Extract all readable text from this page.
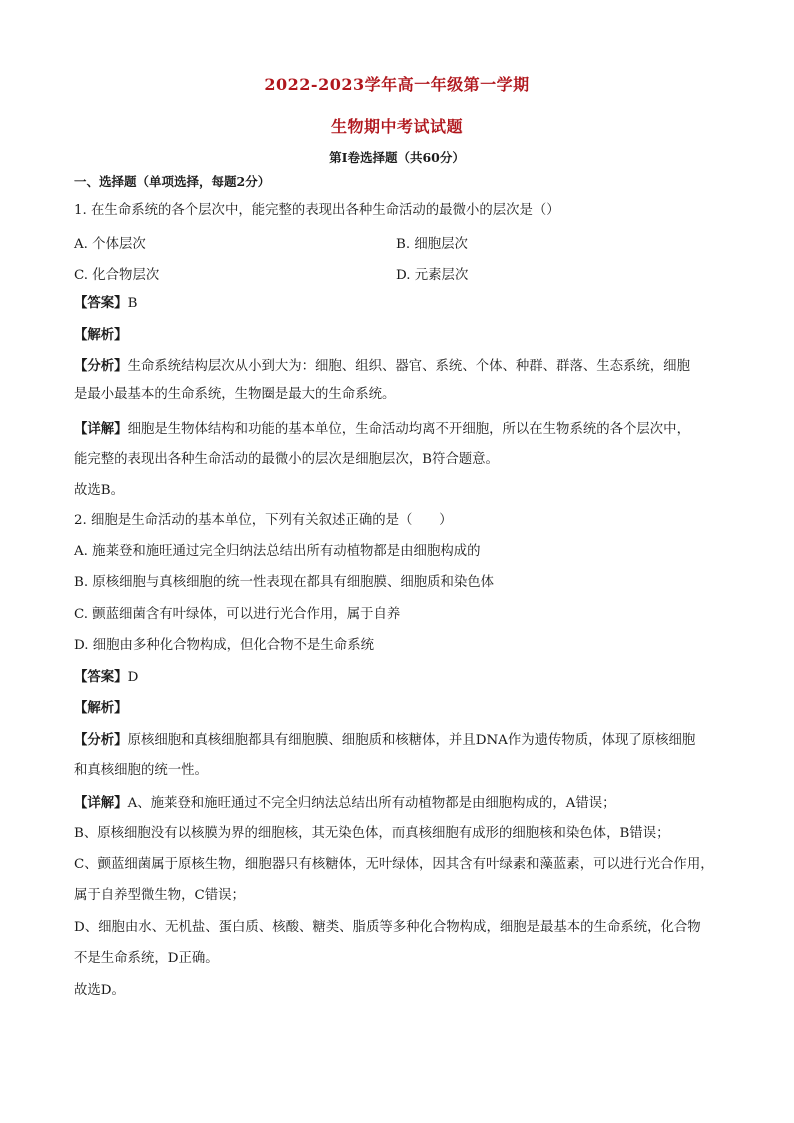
2022-2023学年高一年级第一学期
生物期中考试试题
第Ⅰ卷选择题（共60分）
一、选择题（单项选择，每题2分）
1. 在生命系统的各个层次中，能完整的表现出各种生命活动的最微小的层次是（）
A. 个体层次	B. 细胞层次
C. 化合物层次	D. 元素层次
【答案】B
【解析】
【分析】生命系统结构层次从小到大为：细胞、组织、器官、系统、个体、种群、群落、生态系统，细胞
是最小最基本的生命系统，生物圈是最大的生命系统。
【详解】细胞是生物体结构和功能的基本单位，生命活动均离不开细胞，所以在生物系统的各个层次中，
能完整的表现出各种生命活动的最微小的层次是细胞层次，B符合题意。
故选B。
2. 细胞是生命活动的基本单位，下列有关叙述正确的是（　　）
A. 施莱登和施旺通过完全归纳法总结出所有动植物都是由细胞构成的
B. 原核细胞与真核细胞的统一性表现在都具有细胞膜、细胞质和染色体
C. 颤蓝细菌含有叶绿体，可以进行光合作用，属于自养
D. 细胞由多种化合物构成，但化合物不是生命系统
【答案】D
【解析】
【分析】原核细胞和真核细胞都具有细胞膜、细胞质和核糖体，并且DNA作为遗传物质，体现了原核细胞
和真核细胞的统一性。
【详解】A、施莱登和施旺通过不完全归纳法总结出所有动植物都是由细胞构成的，A错误；
B、原核细胞没有以核膜为界的细胞核，其无染色体，而真核细胞有成形的细胞核和染色体，B错误；
C、颤蓝细菌属于原核生物，细胞器只有核糖体，无叶绿体，因其含有叶绿素和藻蓝素，可以进行光合作用，
属于自养型微生物，C错误；
D、细胞由水、无机盐、蛋白质、核酸、糖类、脂质等多种化合物构成，细胞是最基本的生命系统，化合物
不是生命系统，D正确。
故选D。
